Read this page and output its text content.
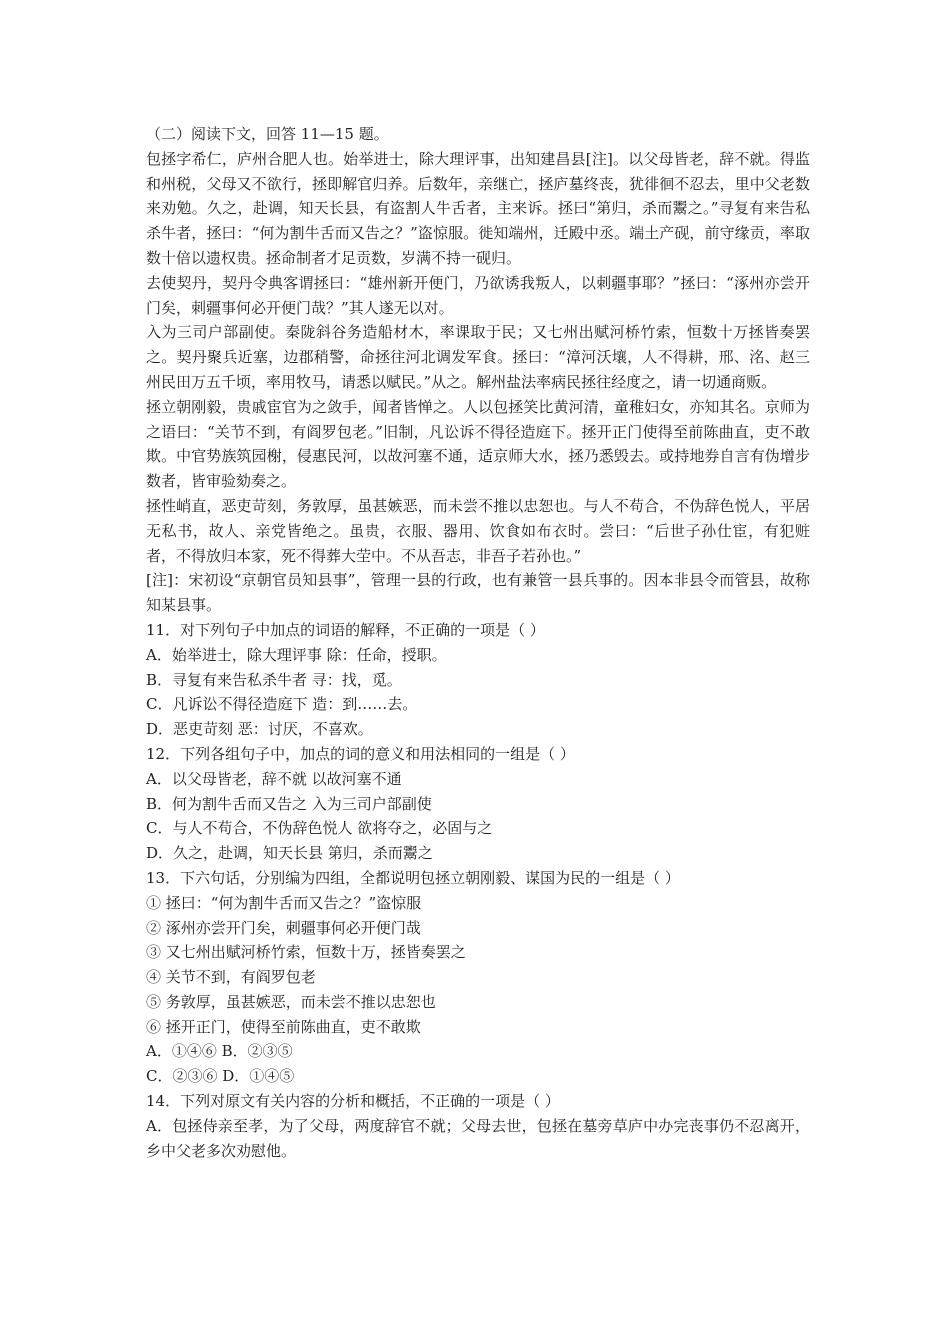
（二）阅读下文，回答 11—15 题。
包拯字希仁，庐州合肥人也。始举进士，除大理评事，出知建昌县[注]。以父母皆老，辞不就。得监和州税，父母又不欲行，拯即解官归养。后数年，亲继亡，拯庐墓终丧，犹徘徊不忍去，里中父老数来劝勉。久之，赴调，知天长县，有盗割人牛舌者，主来诉。拯曰“第归，杀而鬻之。”寻复有来告私杀牛者，拯曰：“何为割牛舌而又告之？”盗惊服。徙知端州，迁殿中丞。端土产砚，前守缘贡，率取数十倍以遗权贵。拯命制者才足贡数，岁满不持一砚归。
去使契丹，契丹令典客谓拯曰：“雄州新开便门，乃欲诱我叛人，以刺疆事耶？”拯曰：“涿州亦尝开门矣，刺疆事何必开便门哉？”其人遂无以对。
入为三司户部副使。秦陇斜谷务造船材木，率课取于民；又七州出赋河桥竹索，恒数十万拯皆奏罢之。契丹聚兵近塞，边郡稍警，命拯往河北调发军食。拯曰：“漳河沃壤，人不得耕，邢、洺、赵三州民田万五千顷，率用牧马，请悉以赋民。”从之。解州盐法率病民拯往经度之，请一切通商贩。
拯立朝刚毅，贵戚宦官为之敛手，闻者皆惮之。人以包拯笑比黄河清，童稚妇女，亦知其名。京师为之语曰：“关节不到，有阎罗包老。”旧制，凡讼诉不得径造庭下。拯开正门使得至前陈曲直，吏不敢欺。中官势族筑园榭，侵惠民河，以故河塞不通，适京师大水，拯乃悉毁去。或持地券自言有伪增步数者，皆审验劾奏之。
拯性峭直，恶吏苛刻，务敦厚，虽甚嫉恶，而未尝不推以忠恕也。与人不苟合，不伪辞色悦人，平居无私书，故人、亲党皆绝之。虽贵，衣服、器用、饮食如布衣时。尝曰：“后世子孙仕宦，有犯赃者，不得放归本家，死不得葬大茔中。不从吾志，非吾子若孙也。”
[注]：宋初设“京朝官员知县事”，管理一县的行政，也有兼管一县兵事的。因本非县令而管县，故称知某县事。
11．对下列句子中加点的词语的解释，不正确的一项是（ ）
A．始举进士，除大理评事 除：任命，授职。
B．寻复有来告私杀牛者 寻：找，觅。
C．凡诉讼不得径造庭下 造：到……去。
D．恶吏苛刻 恶：讨厌，不喜欢。
12．下列各组句子中，加点的词的意义和用法相同的一组是（ ）
A．以父母皆老，辞不就 以故河塞不通
B．何为割牛舌而又告之 入为三司户部副使
C．与人不苟合，不伪辞色悦人 欲将夺之，必固与之
D．久之，赴调，知天长县 第归，杀而鬻之
13．下六句话，分别编为四组，全都说明包拯立朝刚毅、谋国为民的一组是（ ）
① 拯曰：“何为割牛舌而又告之？”盗惊服
② 涿州亦尝开门矣，刺疆事何必开便门哉
③ 又七州出赋河桥竹索，恒数十万，拯皆奏罢之
④ 关节不到，有阎罗包老
⑤ 务敦厚，虽甚嫉恶，而未尝不推以忠恕也
⑥ 拯开正门，使得至前陈曲直，吏不敢欺
A．①④⑥ B．②③⑤
C．②③⑥ D．①④⑤
14．下列对原文有关内容的分析和概括，不正确的一项是（ ）
A．包拯侍亲至孝，为了父母，两度辞官不就；父母去世，包拯在墓旁草庐中办完丧事仍不忍离开，乡中父老多次劝慰他。
